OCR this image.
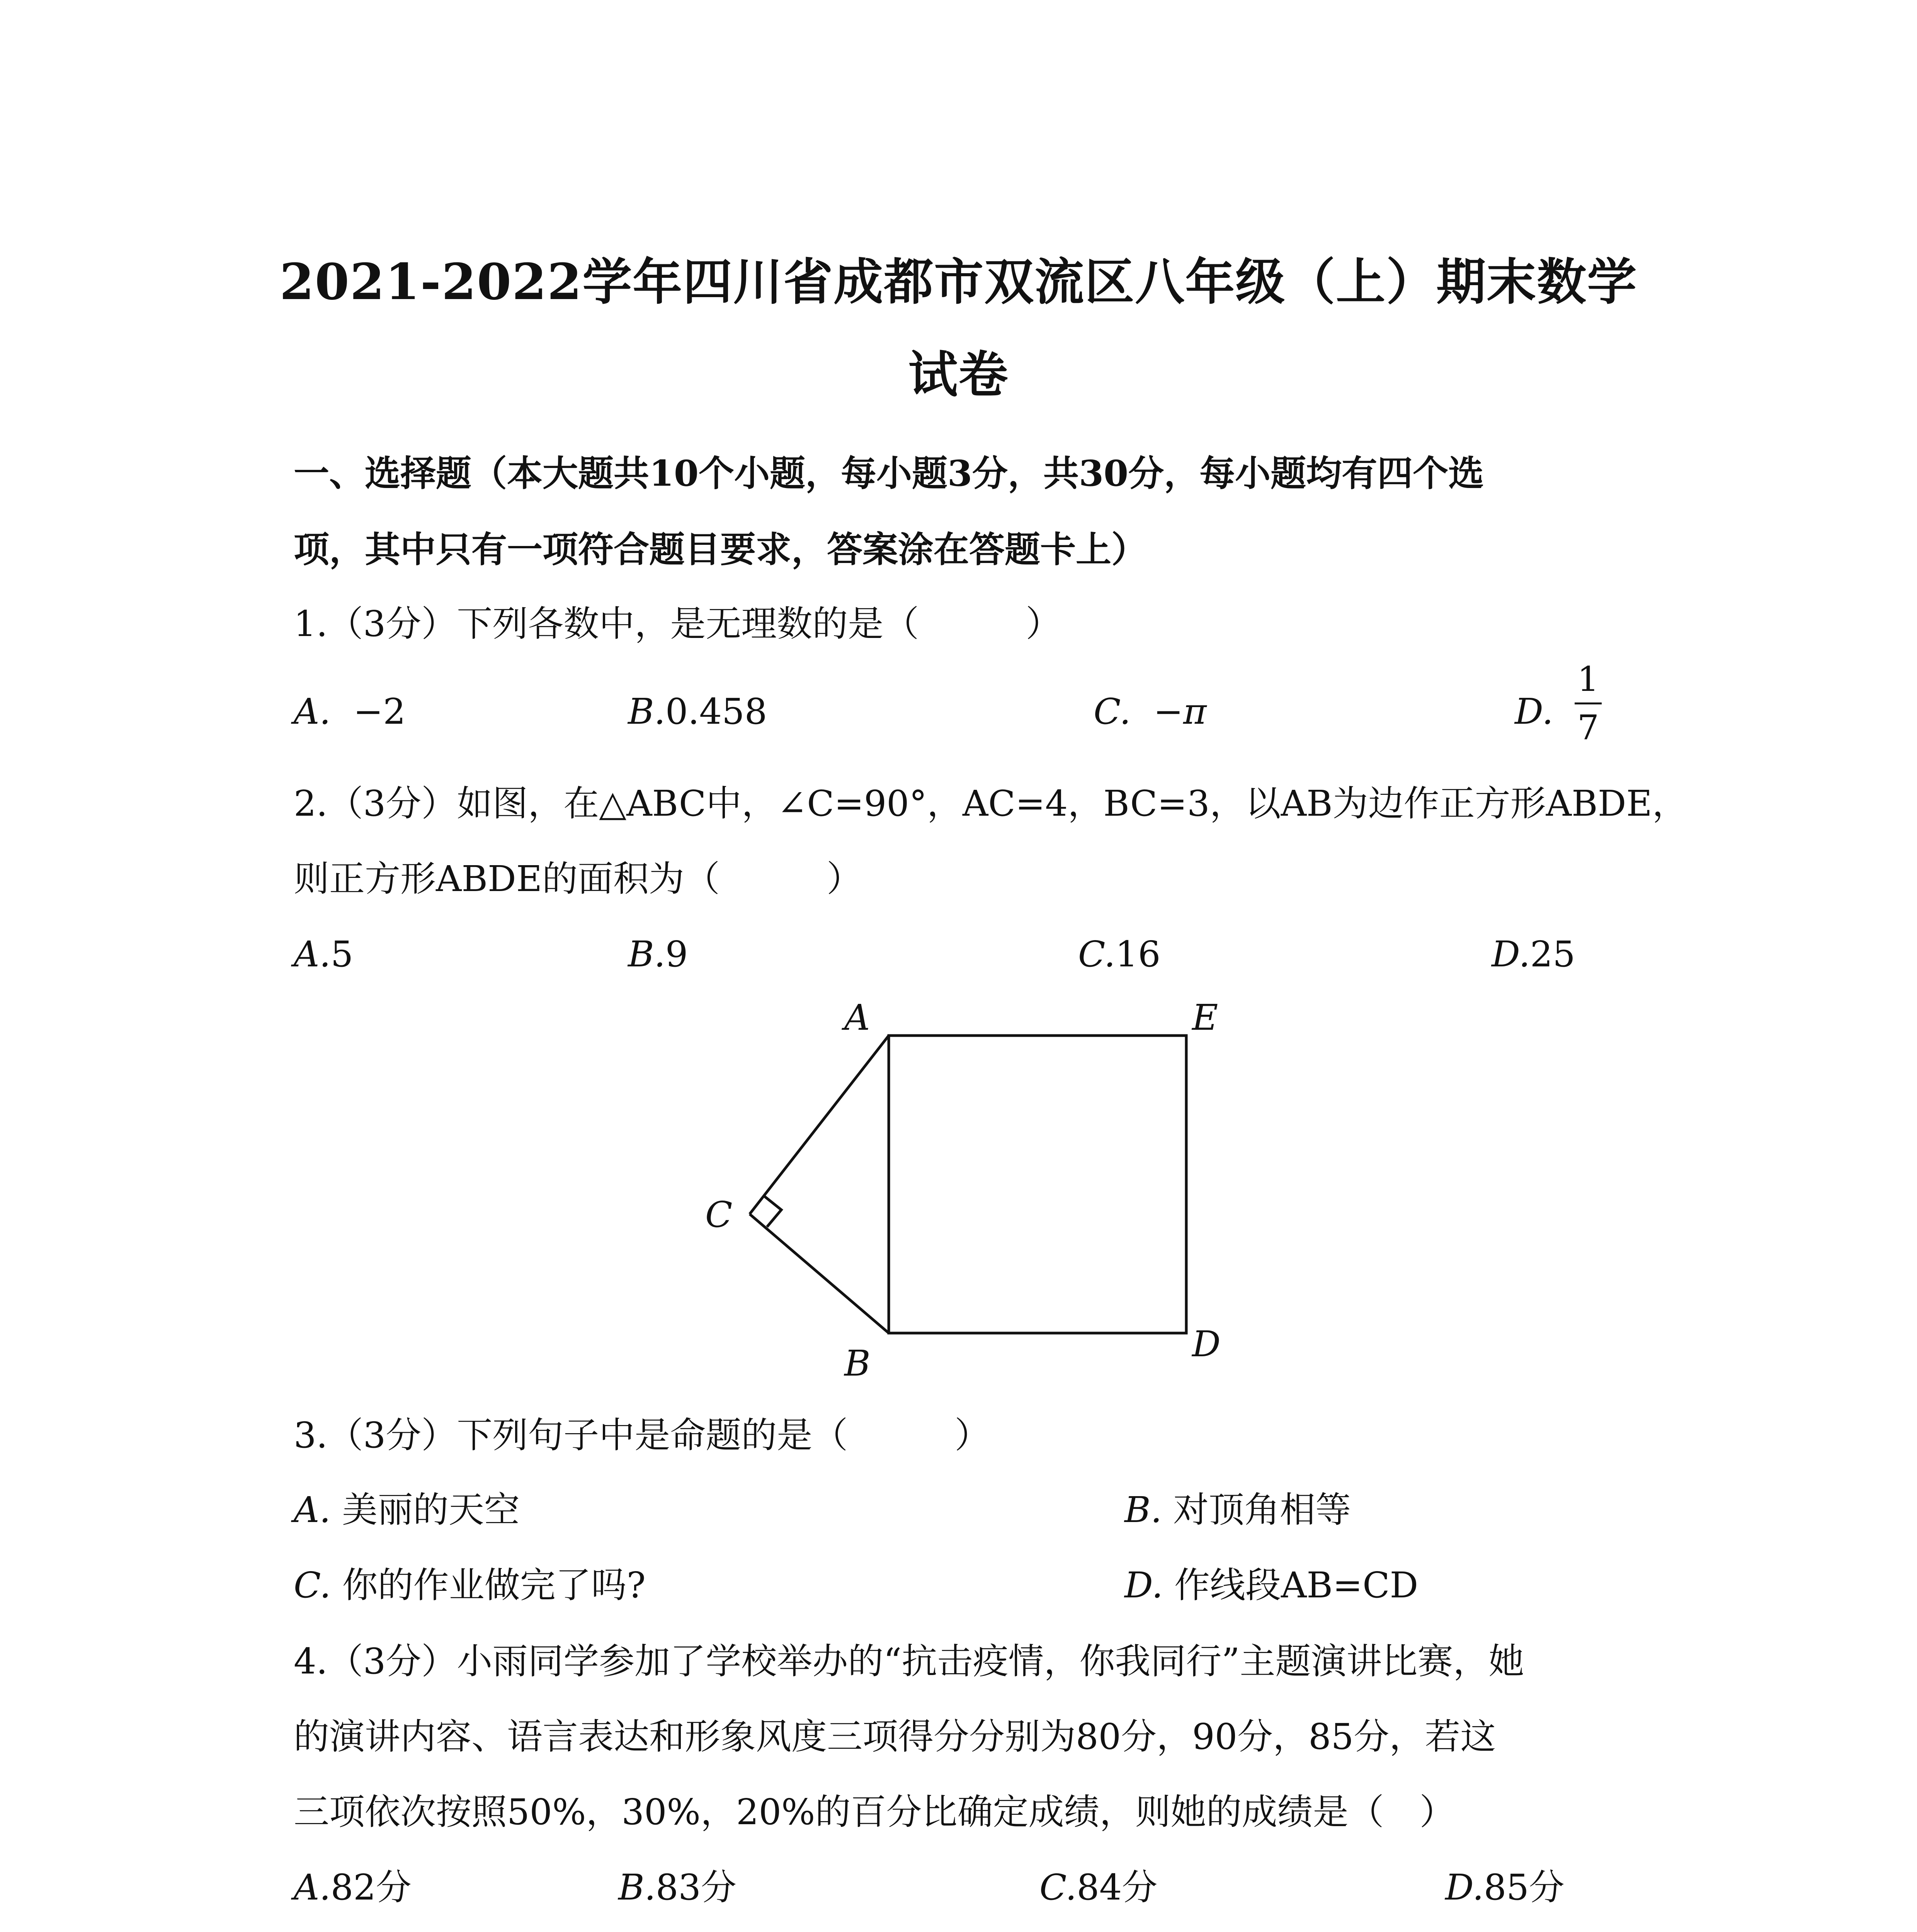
2021-2022学年四川省成都市双流区八年级（上）期末数学
试卷
一、选择题（本大题共10个小题，每小题3分，共30分，每小题均有四个选
项，其中只有一项符合题目要求，答案涂在答题卡上）
1.（3分）下列各数中，是无理数的是（　　　）
A. −2	B.0.458	C. −π	D.
1
7
2.（3分）如图，在△ABC中，∠C=90°，AC=4，BC=3，以AB为边作正方形ABDE，
则正方形ABDE的面积为（　　　）
A.5	B.9	C.16	D.25
A	E
C
B	D
3.（3分）下列句子中是命题的是（　　　）
A. 美丽的天空	B. 对顶角相等
C. 你的作业做完了吗?	D. 作线段AB=CD
4.（3分）小雨同学参加了学校举办的“抗击疫情，你我同行”主题演讲比赛，她
的演讲内容、语言表达和形象风度三项得分分别为80分，90分，85分，若这
三项依次按照50%，30%，20%的百分比确定成绩，则她的成绩是（　）
A.82分	B.83分	C.84分	D.85分
